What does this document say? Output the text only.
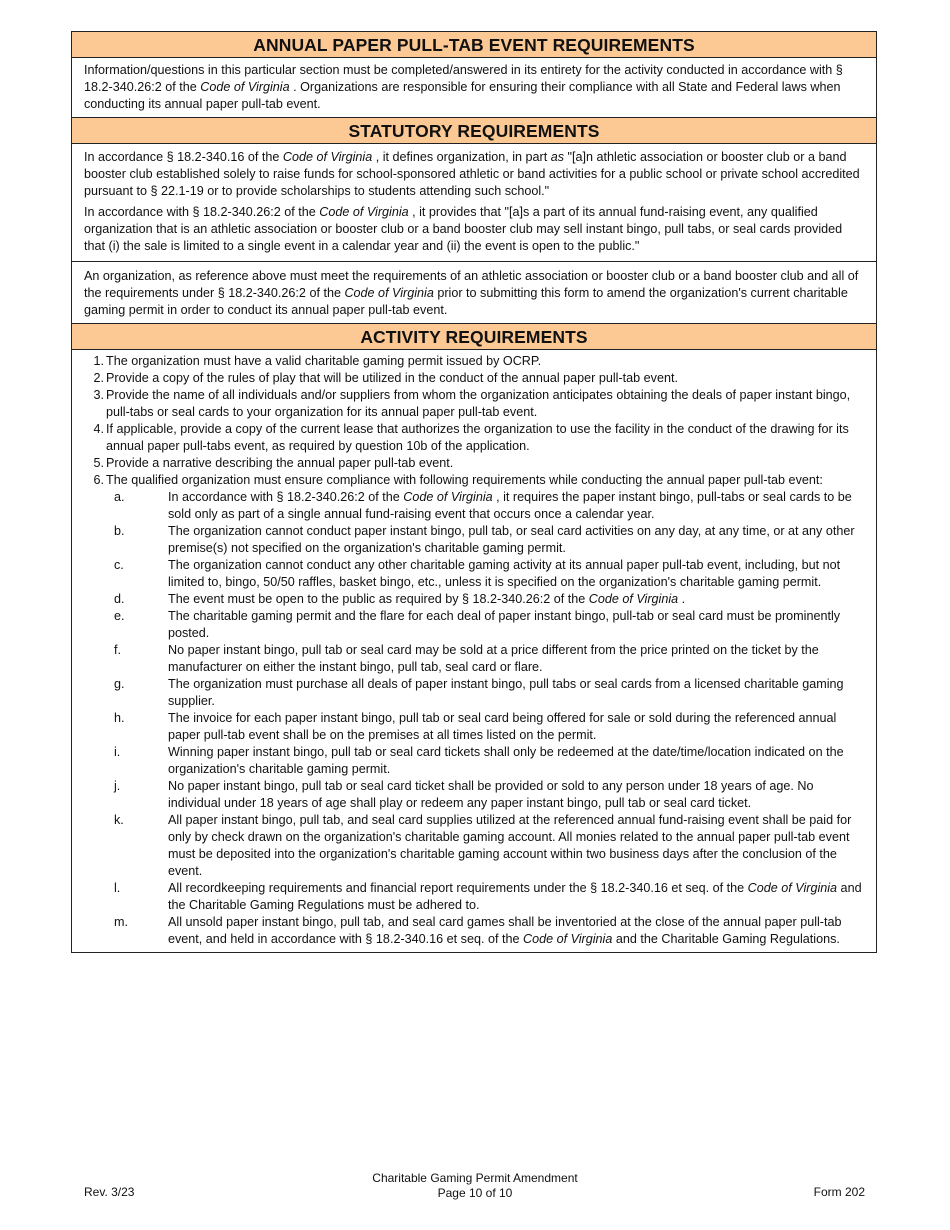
ANNUAL PAPER PULL-TAB EVENT REQUIREMENTS

Information/questions in this particular section must be completed/answered in its entirety for the activity conducted in accordance with § 18.2-340.26:2 of the Code of Virginia . Organizations are responsible for ensuring their compliance with all State and Federal laws when conducting its annual paper pull-tab event.

STATUTORY REQUIREMENTS

In accordance § 18.2-340.16 of the Code of Virginia , it defines organization, in part as "[a]n athletic association or booster club or a band booster club established solely to raise funds for school-sponsored athletic or band activities for a public school or private school accredited pursuant to § 22.1-19 or to provide scholarships to students attending such school."

In accordance with § 18.2-340.26:2 of the Code of Virginia , it provides that "[a]s a part of its annual fund-raising event, any qualified organization that is an athletic association or booster club or a band booster club may sell instant bingo, pull tabs, or seal cards provided that (i) the sale is limited to a single event in a calendar year and (ii) the event is open to the public."

An organization, as reference above must meet the requirements of an athletic association or booster club or a band booster club and all of the requirements under § 18.2-340.26:2 of the Code of Virginia prior to submitting this form to amend the organization's current charitable gaming permit in order to conduct its annual paper pull-tab event.

ACTIVITY REQUIREMENTS
1. The organization must have a valid charitable gaming permit issued by OCRP.
2. Provide a copy of the rules of play that will be utilized in the conduct of the annual paper pull-tab event.
3. Provide the name of all individuals and/or suppliers from whom the organization anticipates obtaining the deals of paper instant bingo, pull-tabs or seal cards to your organization for its annual paper pull-tab event.
4. If applicable, provide a copy of the current lease that authorizes the organization to use the facility in the conduct of the drawing for its annual paper pull-tabs event, as required by question 10b of the application.
5. Provide a narrative describing the annual paper pull-tab event.
6. The qualified organization must ensure compliance with following requirements while conducting the annual paper pull-tab event:
a.	In accordance with § 18.2-340.26:2 of the Code of Virginia , it requires the paper instant bingo, pull-tabs or seal cards to be sold only as part of a single annual fund-raising event that occurs once a calendar year.
b.	The organization cannot conduct paper instant bingo, pull tab, or seal card activities on any day, at any time, or at any other premise(s) not specified on the organization's charitable gaming permit.
c.	The organization cannot conduct any other charitable gaming activity at its annual paper pull-tab event, including, but not limited to, bingo, 50/50 raffles, basket bingo, etc., unless it is specified on the organization's charitable gaming permit.
d.	The event must be open to the public as required by § 18.2-340.26:2 of the Code of Virginia .
e.	The charitable gaming permit and the flare for each deal of paper instant bingo, pull-tab or seal card must be prominently posted.
f.	No paper instant bingo, pull tab or seal card may be sold at a price different from the price printed on the ticket by the manufacturer on either the instant bingo, pull tab, seal card or flare.
g.	The organization must purchase all deals of paper instant bingo, pull tabs or seal cards from a licensed charitable gaming supplier.
h.	The invoice for each paper instant bingo, pull tab or seal card being offered for sale or sold during the referenced annual paper pull-tab event shall be on the premises at all times listed on the permit.
i.	Winning paper instant bingo, pull tab or seal card tickets shall only be redeemed at the date/time/location indicated on the organization's charitable gaming permit.
j.	No paper instant bingo, pull tab or seal card ticket shall be provided or sold to any person under 18 years of age. No individual under 18 years of age shall play or redeem any paper instant bingo, pull tab or seal card ticket.
k.	All paper instant bingo, pull tab, and seal card supplies utilized at the referenced annual fund-raising event shall be paid for only by check drawn on the organization's charitable gaming account. All monies related to the annual paper pull-tab event must be deposited into the organization's charitable gaming account within two business days after the conclusion of the event.
l.	All recordkeeping requirements and financial report requirements under the § 18.2-340.16 et seq. of the Code of Virginia and the Charitable Gaming Regulations must be adhered to.
m.	All unsold paper instant bingo, pull tab, and seal card games shall be inventoried at the close of the annual paper pull-tab event, and held in accordance with § 18.2-340.16 et seq. of the Code of Virginia and the Charitable Gaming Regulations.
Rev. 3/23
Charitable Gaming Permit Amendment
Page 10 of 10	Form 202
